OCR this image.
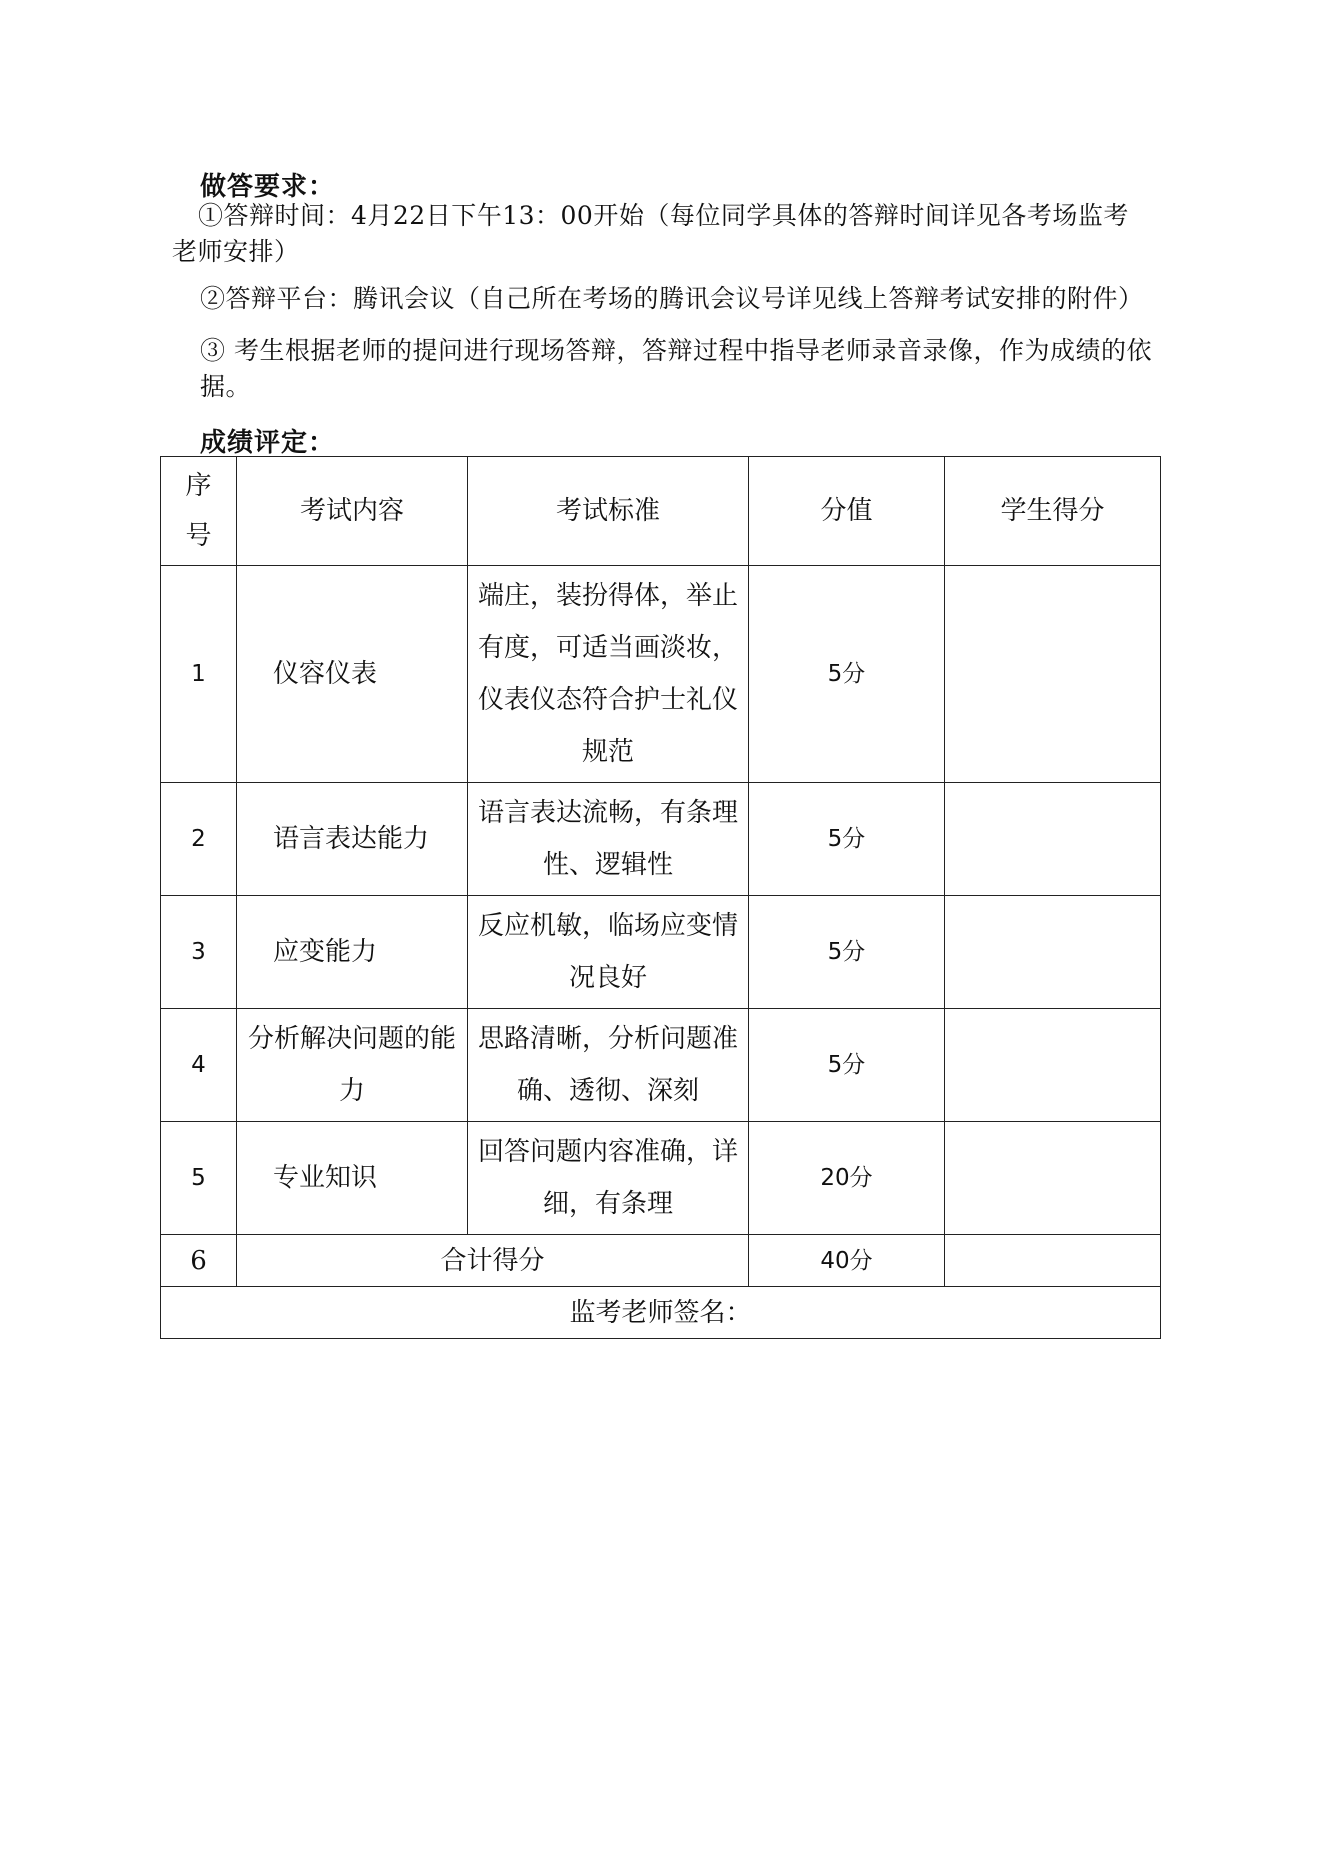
做答要求：
①答辩时间：4月22日下午13：00开始（每位同学具体的答辩时间详见各考场监考老师安排）
②答辩平台：腾讯会议（自己所在考场的腾讯会议号详见线上答辩考试安排的附件）
③ 考生根据老师的提问进行现场答辩，答辩过程中指导老师录音录像，作为成绩的依据。
成绩评定：
序号	考试内容	考试标准	分值	学生得分
1	仪容仪表	端庄，装扮得体，举止有度，可适当画淡妆，仪表仪态符合护士礼仪规范	5分	
2	语言表达能力	语言表达流畅，有条理性、逻辑性	5分	
3	应变能力	反应机敏，临场应变情况良好	5分	
4	分析解决问题的能力	思路清晰，分析问题准确、透彻、深刻	5分	
5	专业知识	回答问题内容准确，详细，有条理	20分	
6	合计得分		40分	
监考老师签名：				
